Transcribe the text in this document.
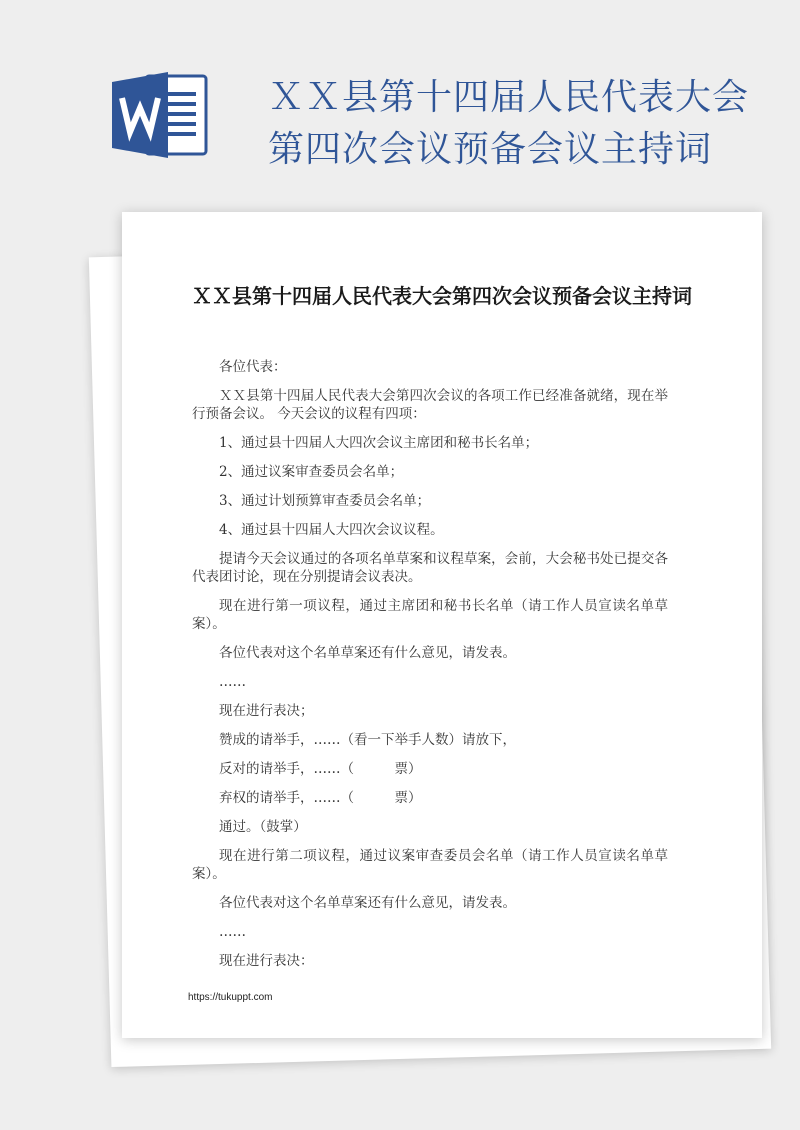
ＸＸ县第十四届人民代表大会
第四次会议预备会议主持词
ＸＸ县第十四届人民代表大会第四次会议预备会议主持词

各位代表：

ＸＸ县第十四届人民代表大会第四次会议的各项工作已经准备就绪，现在举行预备会议。 今天会议的议程有四项：

1、通过县十四届人大四次会议主席团和秘书长名单；

2、通过议案审查委员会名单；

3、通过计划预算审查委员会名单；

4、通过县十四届人大四次会议议程。

提请今天会议通过的各项名单草案和议程草案，会前，大会秘书处已提交各代表团讨论，现在分别提请会议表决。

现在进行第一项议程，通过主席团和秘书长名单（请工作人员宣读名单草案）。

各位代表对这个名单草案还有什么意见，请发表。

……

现在进行表决；

赞成的请举手，……（看一下举手人数）请放下，

反对的请举手，……（　　　票）

弃权的请举手，……（　　　票）

通过。（鼓掌）

现在进行第二项议程，通过议案审查委员会名单（请工作人员宣读名单草案）。

各位代表对这个名单草案还有什么意见，请发表。

……

现在进行表决：

https://tukuppt.com
